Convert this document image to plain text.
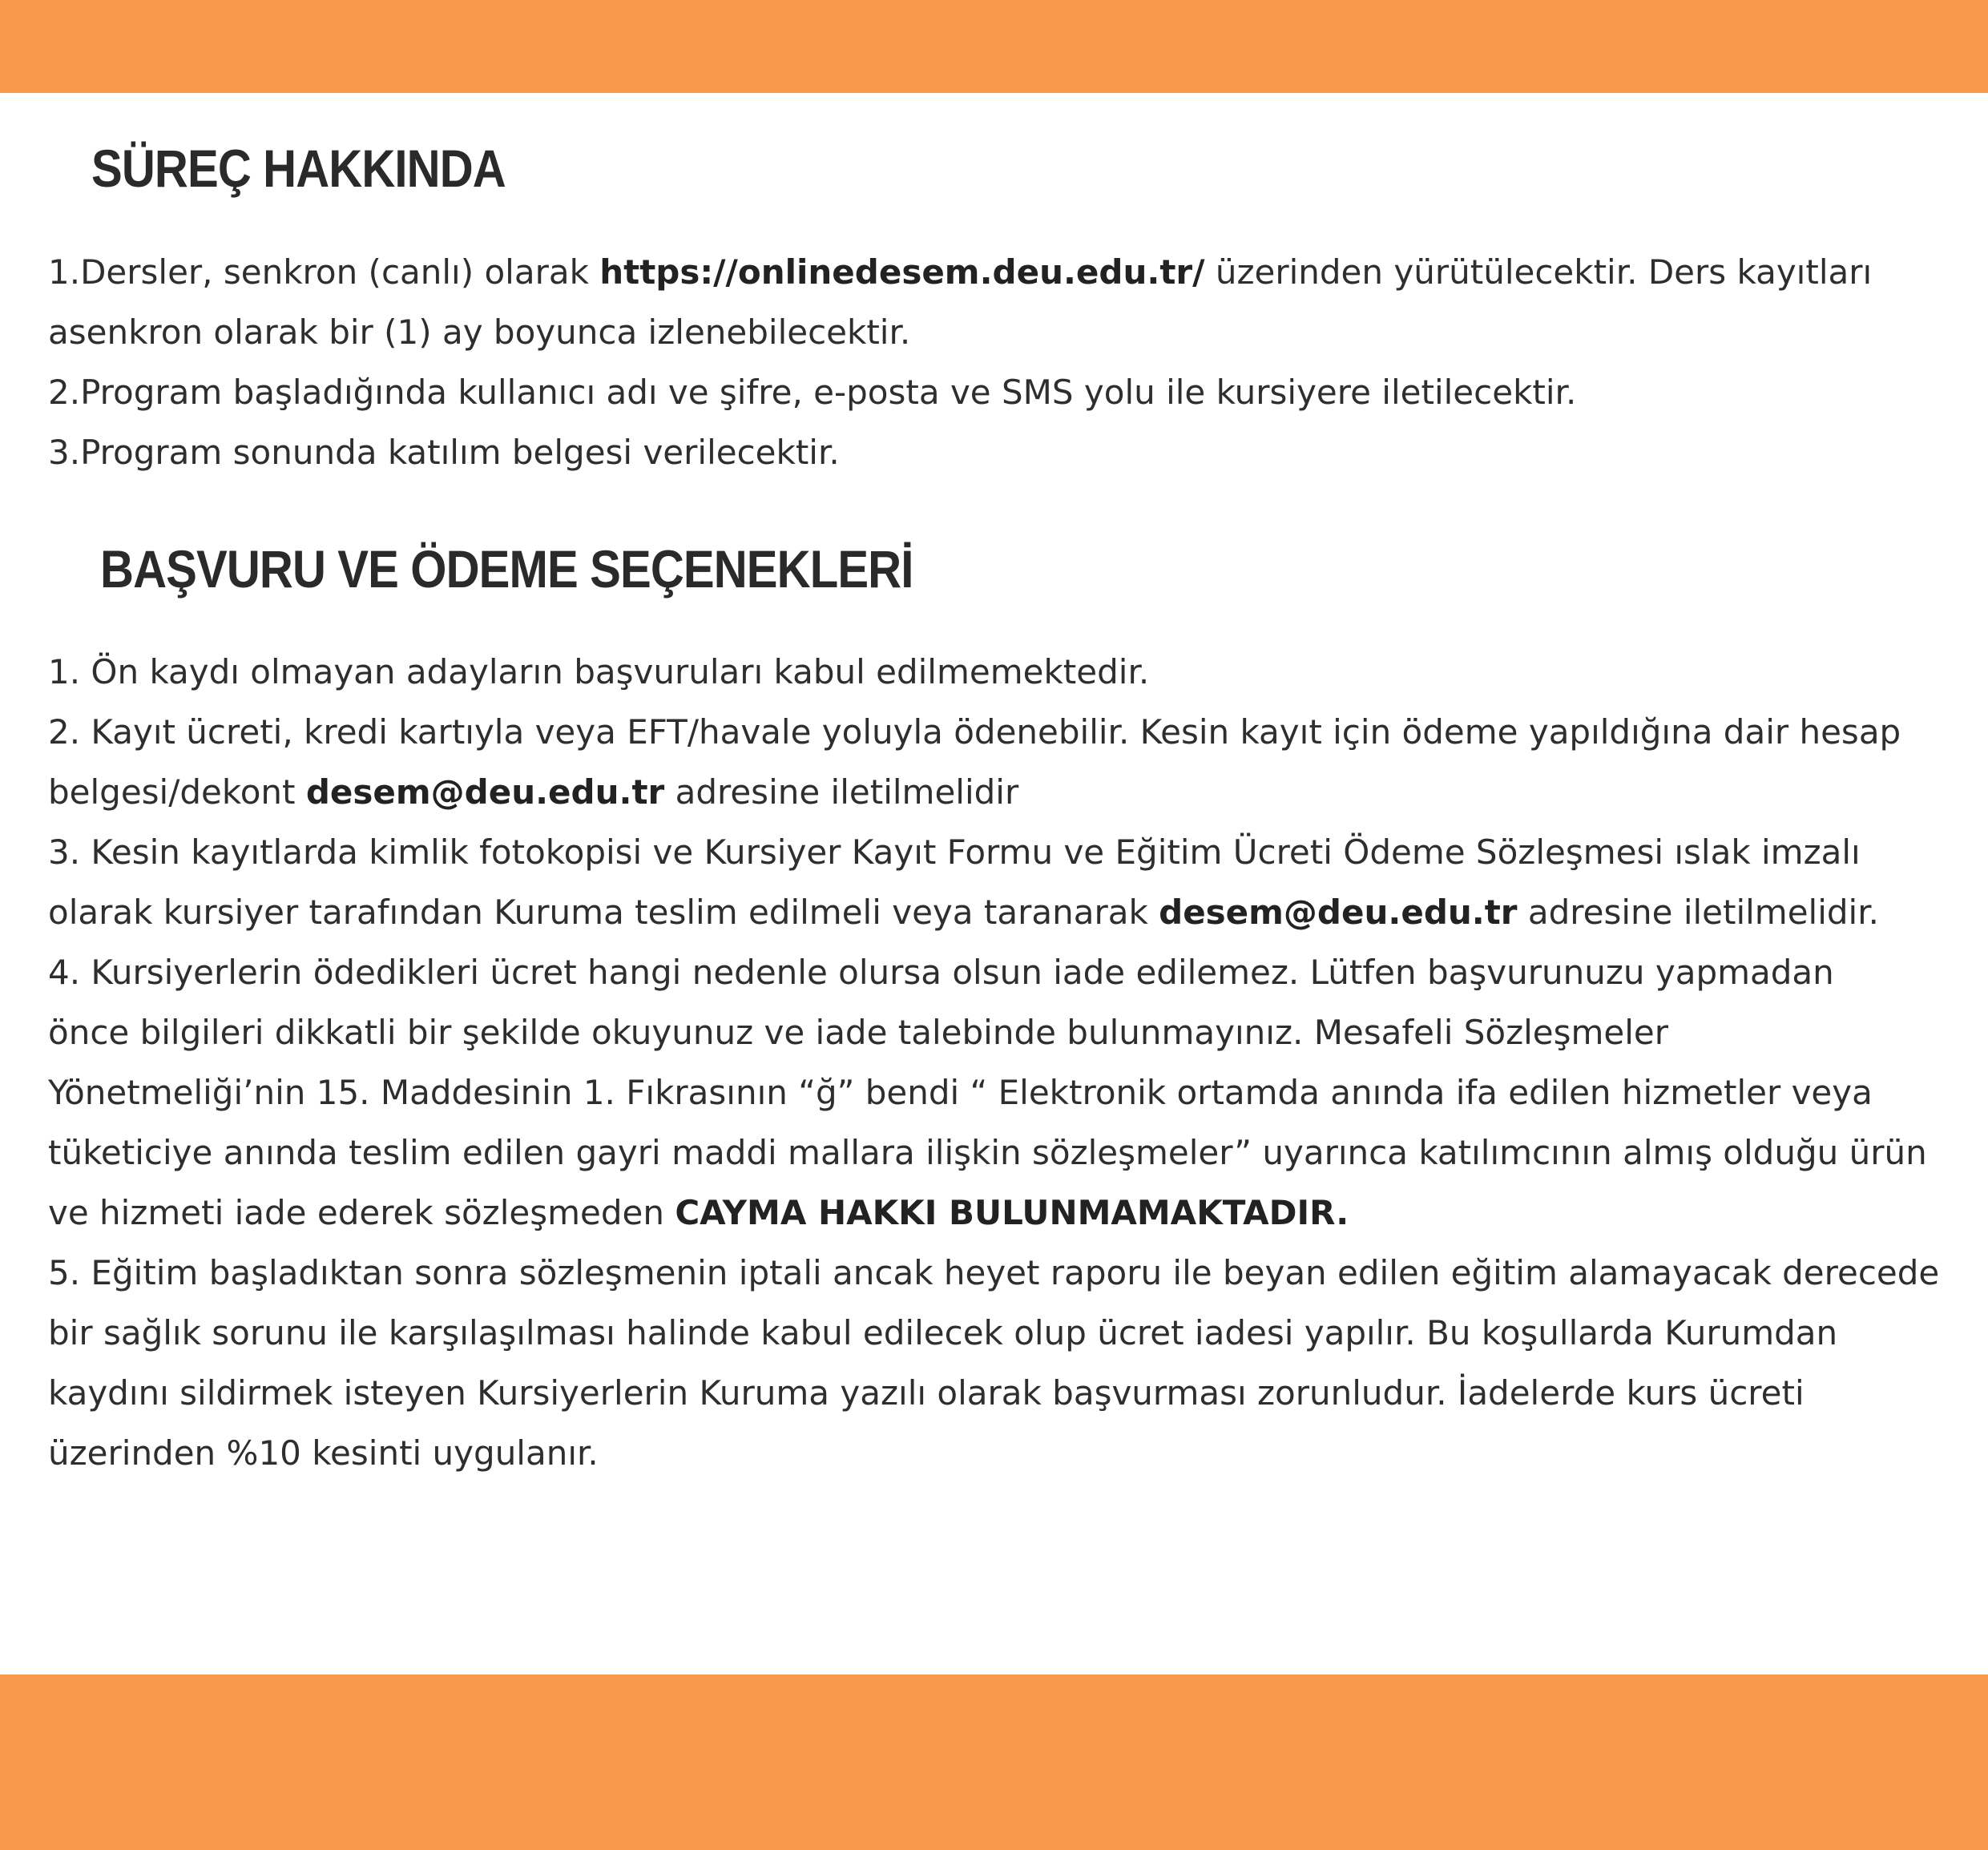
SÜREÇ HAKKINDA
1.Dersler, senkron (canlı) olarak https://onlinedesem.deu.edu.tr/ üzerinden yürütülecektir. Ders kayıtları
asenkron olarak bir (1) ay boyunca izlenebilecektir.
2.Program başladığında kullanıcı adı ve şifre, e-posta ve SMS yolu ile kursiyere iletilecektir.
3.Program sonunda katılım belgesi verilecektir.
BAŞVURU VE ÖDEME SEÇENEKLERİ
1. Ön kaydı olmayan adayların başvuruları kabul edilmemektedir.
2. Kayıt ücreti, kredi kartıyla veya EFT/havale yoluyla ödenebilir. Kesin kayıt için ödeme yapıldığına dair hesap
belgesi/dekont desem@deu.edu.tr adresine iletilmelidir
3. Kesin kayıtlarda kimlik fotokopisi ve Kursiyer Kayıt Formu ve Eğitim Ücreti Ödeme Sözleşmesi ıslak imzalı
olarak kursiyer tarafından Kuruma teslim edilmeli veya taranarak desem@deu.edu.tr adresine iletilmelidir.
4. Kursiyerlerin ödedikleri ücret hangi nedenle olursa olsun iade edilemez. Lütfen başvurunuzu yapmadan
önce bilgileri dikkatli bir şekilde okuyunuz ve iade talebinde bulunmayınız. Mesafeli Sözleşmeler
Yönetmeliği’nin 15. Maddesinin 1. Fıkrasının “ğ” bendi “ Elektronik ortamda anında ifa edilen hizmetler veya
tüketiciye anında teslim edilen gayri maddi mallara ilişkin sözleşmeler” uyarınca katılımcının almış olduğu ürün
ve hizmeti iade ederek sözleşmeden CAYMA HAKKI BULUNMAMAKTADIR.
5. Eğitim başladıktan sonra sözleşmenin iptali ancak heyet raporu ile beyan edilen eğitim alamayacak derecede
bir sağlık sorunu ile karşılaşılması halinde kabul edilecek olup ücret iadesi yapılır. Bu koşullarda Kurumdan
kaydını sildirmek isteyen Kursiyerlerin Kuruma yazılı olarak başvurması zorunludur. İadelerde kurs ücreti
üzerinden %10 kesinti uygulanır.
